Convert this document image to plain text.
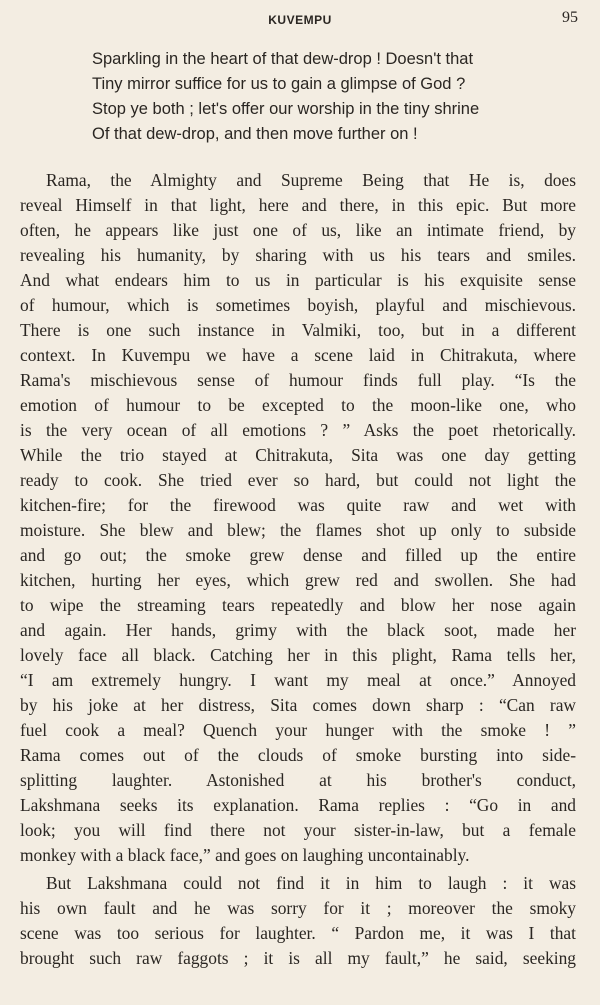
KUVEMPU	95
Sparkling in the heart of that dew-drop ! Doesn't that
Tiny mirror suffice for us to gain a glimpse of God ?
Stop ye both ; let's offer our worship in the tiny shrine
Of that dew-drop, and then move further on !
Rama, the Almighty and Supreme Being that He is, does
reveal Himself in that light, here and there, in this epic. But more
often, he appears like just one of us, like an intimate friend, by
revealing his humanity, by sharing with us his tears and smiles.
And what endears him to us in particular is his exquisite sense
of humour, which is sometimes boyish, playful and mischievous.
There is one such instance in Valmiki, too, but in a different
context. In Kuvempu we have a scene laid in Chitrakuta, where
Rama's mischievous sense of humour finds full play. “Is the
emotion of humour to be excepted to the moon-like one, who
is the very ocean of all emotions ? ” Asks the poet rhetorically.
While the trio stayed at Chitrakuta, Sita was one day getting
ready to cook. She tried ever so hard, but could not light the
kitchen-fire; for the firewood was quite raw and wet with
moisture. She blew and blew; the flames shot up only to subside
and go out; the smoke grew dense and filled up the entire
kitchen, hurting her eyes, which grew red and swollen. She had
to wipe the streaming tears repeatedly and blow her nose again
and again. Her hands, grimy with the black soot, made her
lovely face all black. Catching her in this plight, Rama tells her,
“I am extremely hungry. I want my meal at once.” Annoyed
by his joke at her distress, Sita comes down sharp : “Can raw
fuel cook a meal? Quench your hunger with the smoke ! ”
Rama comes out of the clouds of smoke bursting into side-
splitting laughter. Astonished at his brother's conduct,
Lakshmana seeks its explanation. Rama replies : “Go in and
look; you will find there not your sister-in-law, but a female
monkey with a black face,” and goes on laughing uncontainably.
But Lakshmana could not find it in him to laugh : it was
his own fault and he was sorry for it ; moreover the smoky
scene was too serious for laughter. “ Pardon me, it was I that
brought such raw faggots ; it is all my fault,” he said, seeking
